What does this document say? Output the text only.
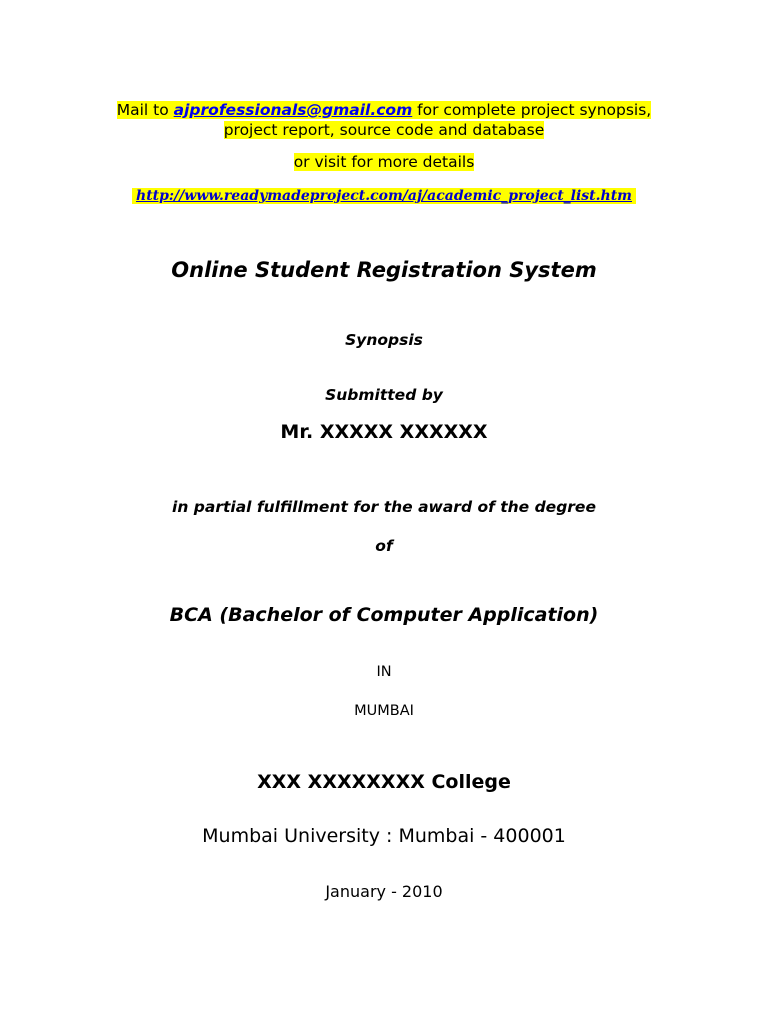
Mail to ajprofessionals@gmail.com for complete project synopsis,
project report, source code and database
or visit for more details
http://www.readymadeproject.com/aj/academic_project_list.htm
Online Student Registration System
Synopsis
Submitted by
Mr. XXXXX XXXXXX
in partial fulfillment for the award of the degree
of
BCA (Bachelor of Computer Application)
IN
MUMBAI
XXX XXXXXXXX College
Mumbai University : Mumbai - 400001
January - 2010
